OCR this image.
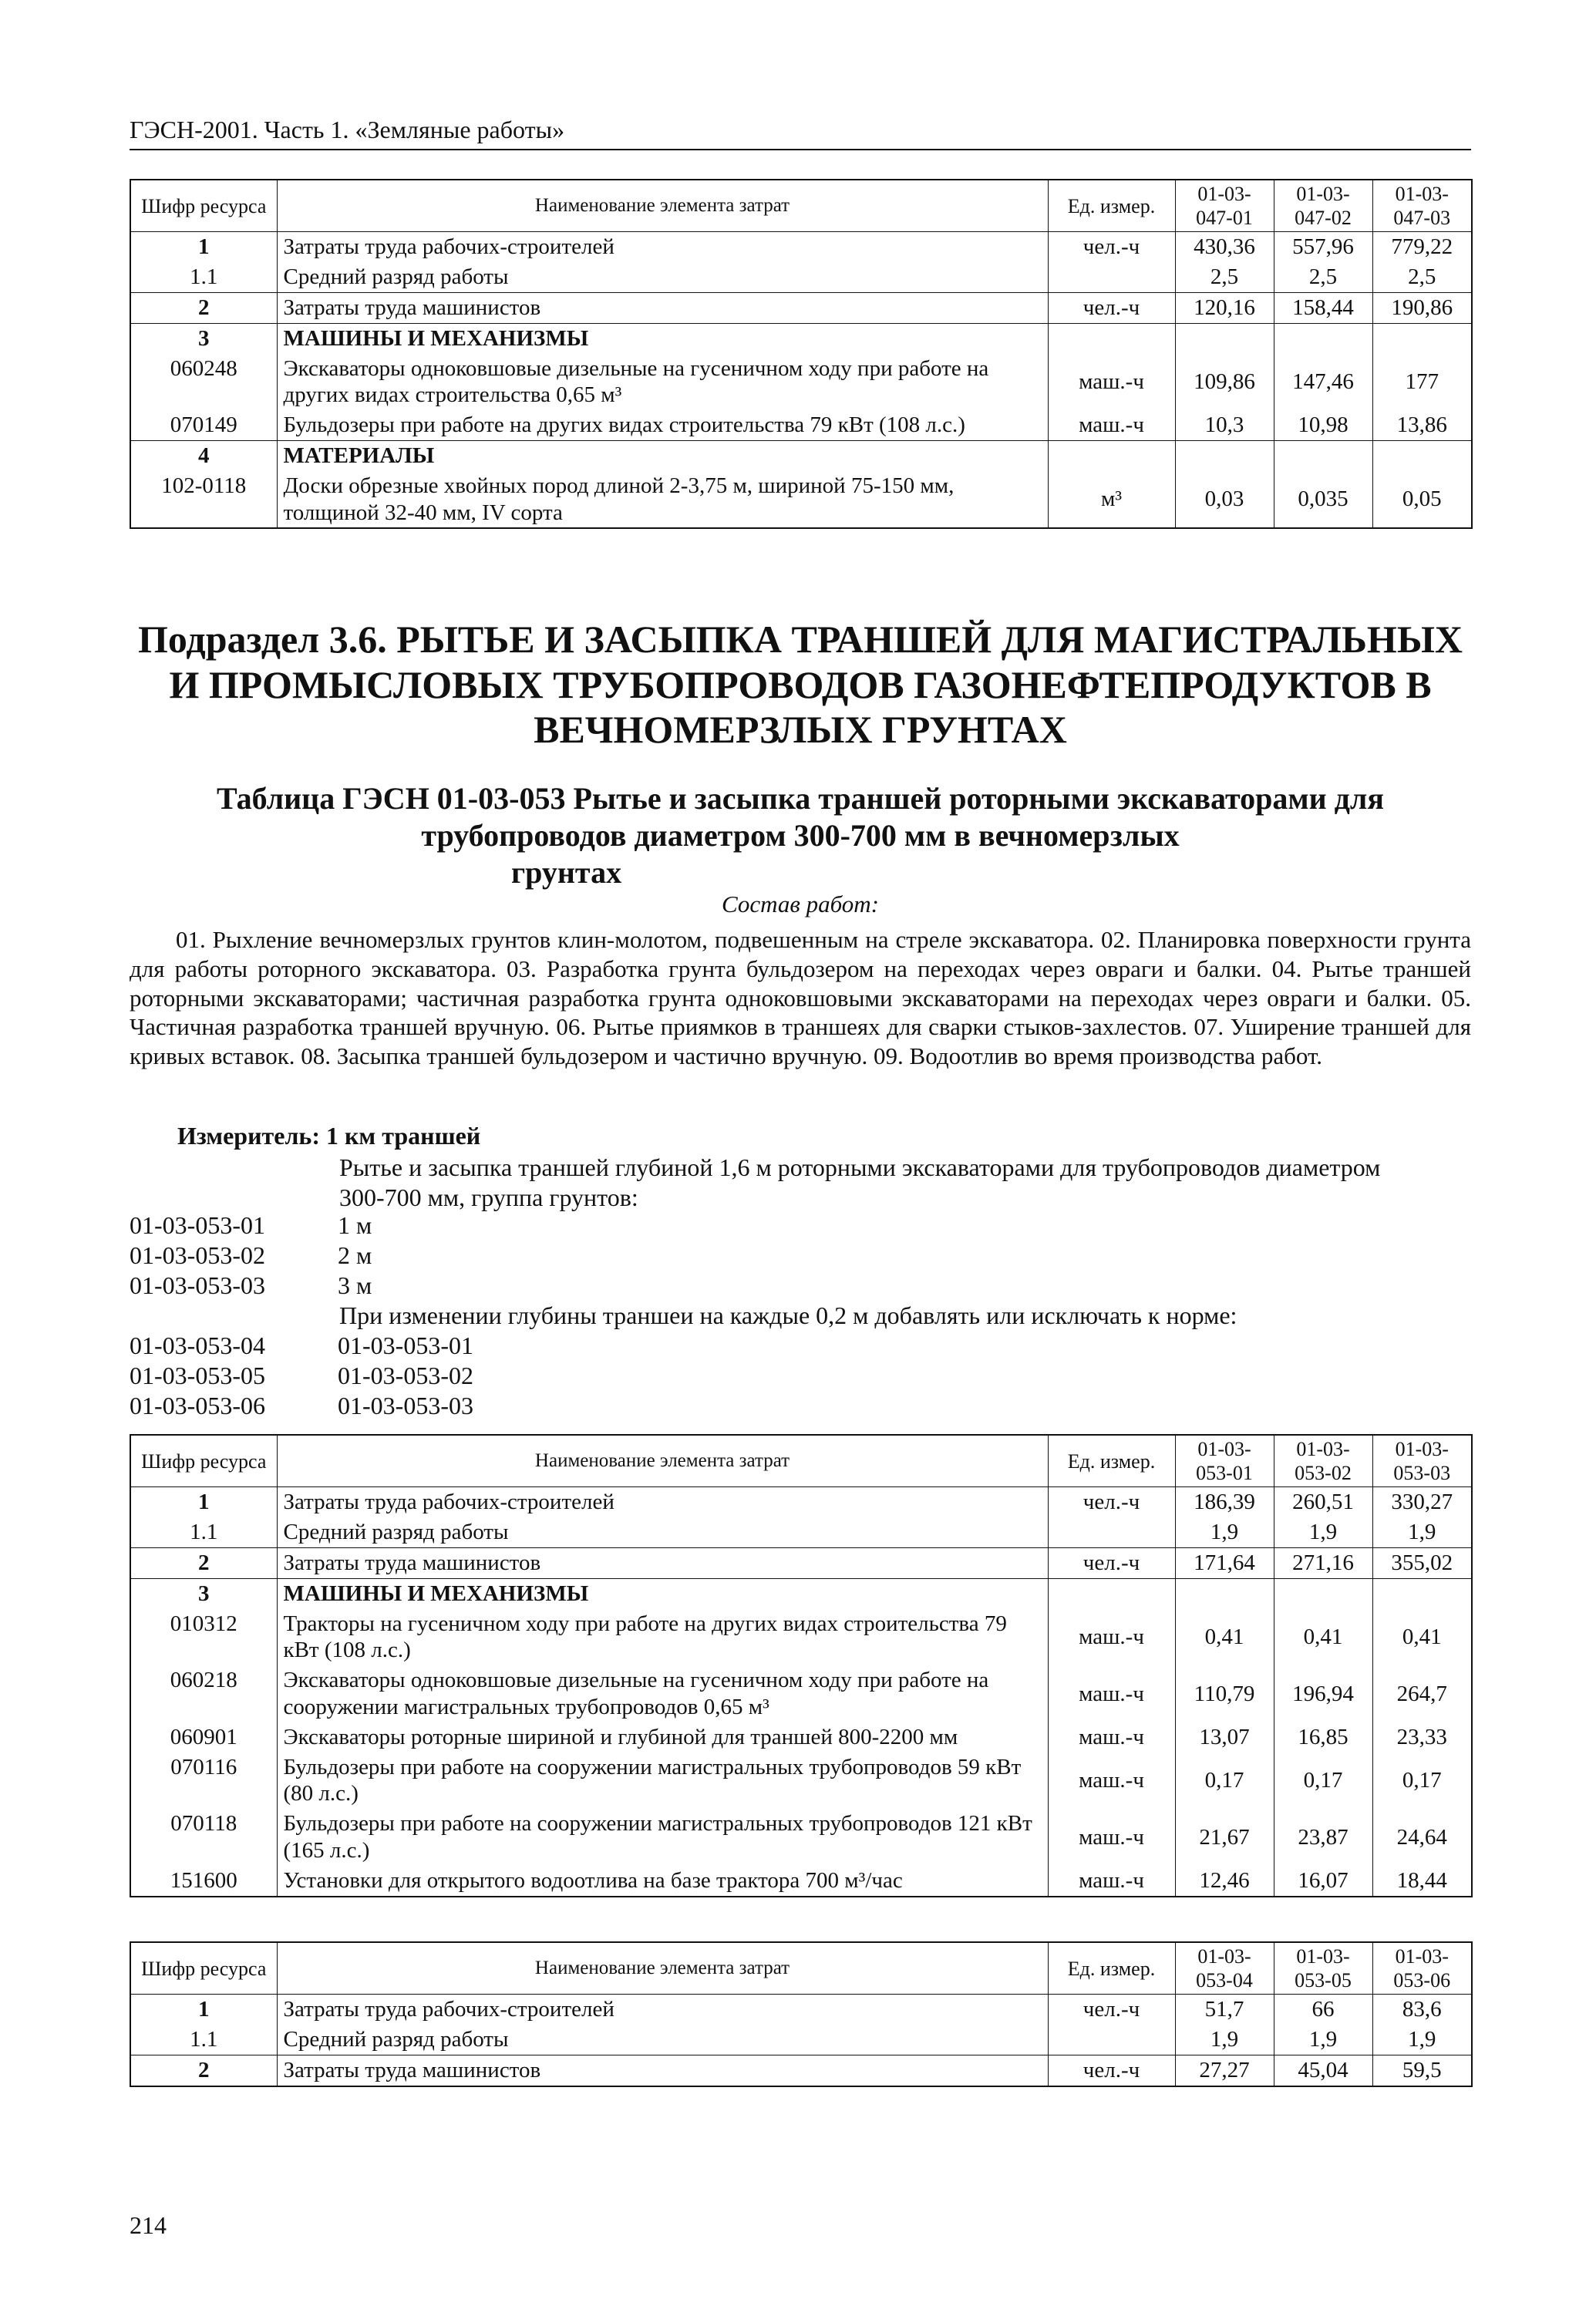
ГЭСН-2001. Часть 1. «Земляные работы»
Шифр ресурса	Наименование элемента затрат	Ед. измер.	01-03-047-01	01-03-047-02	01-03-047-03
1	Затраты труда рабочих-строителей	чел.-ч	430,36	557,96	779,22
1.1	Средний разряд работы		2,5	2,5	2,5
2	Затраты труда машинистов	чел.-ч	120,16	158,44	190,86
3	МАШИНЫ И МЕХАНИЗМЫ				
060248	Экскаваторы одноковшовые дизельные на гусеничном ходу при работе на других видах строительства 0,65 м³	маш.-ч	109,86	147,46	177
070149	Бульдозеры при работе на других видах строительства 79 кВт (108 л.с.)	маш.-ч	10,3	10,98	13,86
4	МАТЕРИАЛЫ				
102-0118	Доски обрезные хвойных пород длиной 2-3,75 м, шириной 75-150 мм, толщиной 32-40 мм, IV сорта	м³	0,03	0,035	0,05
Подраздел 3.6. РЫТЬЕ И ЗАСЫПКА ТРАНШЕЙ ДЛЯ МАГИСТРАЛЬНЫХ И ПРОМЫСЛОВЫХ ТРУБОПРОВОДОВ ГАЗОНЕФТЕПРОДУКТОВ В ВЕЧНОМЕРЗЛЫХ ГРУНТАХ
Таблица ГЭСН 01-03-053 Рытье и засыпка траншей роторными экскаваторами для
трубопроводов диаметром 300-700 мм в вечномерзлых
грунтах
Состав работ:
01. Рыхление вечномерзлых грунтов клин-молотом, подвешенным на стреле экскаватора. 02. Планировка поверхности грунта для работы роторного экскаватора. 03. Разработка грунта бульдозером на переходах через овраги и балки. 04. Рытье траншей роторными экскаваторами; частичная разработка грунта одноковшовыми экскаваторами на переходах через овраги и балки. 05. Частичная разработка траншей вручную. 06. Рытье приямков в траншеях для сварки стыков-захлестов. 07. Уширение траншей для кривых вставок. 08. Засыпка траншей бульдозером и частично вручную. 09. Водоотлив во время производства работ.
Измеритель: 1 км траншей
Рытье и засыпка траншей глубиной 1,6 м роторными экскаваторами для трубопроводов диаметром 300-700 мм, группа грунтов:
01-03-053-01	1 м
01-03-053-02	2 м
01-03-053-03	3 м
При изменении глубины траншеи на каждые 0,2 м добавлять или исключать к норме:
01-03-053-04	01-03-053-01
01-03-053-05	01-03-053-02
01-03-053-06	01-03-053-03
Шифр ресурса	Наименование элемента затрат	Ед. измер.	01-03-053-01	01-03-053-02	01-03-053-03
1	Затраты труда рабочих-строителей	чел.-ч	186,39	260,51	330,27
1.1	Средний разряд работы		1,9	1,9	1,9
2	Затраты труда машинистов	чел.-ч	171,64	271,16	355,02
3	МАШИНЫ И МЕХАНИЗМЫ				
010312	Тракторы на гусеничном ходу при работе на других видах строительства 79 кВт (108 л.с.)	маш.-ч	0,41	0,41	0,41
060218	Экскаваторы одноковшовые дизельные на гусеничном ходу при работе на сооружении магистральных трубопроводов 0,65 м³	маш.-ч	110,79	196,94	264,7
060901	Экскаваторы роторные шириной и глубиной для траншей 800-2200 мм	маш.-ч	13,07	16,85	23,33
070116	Бульдозеры при работе на сооружении магистральных трубопроводов 59 кВт (80 л.с.)	маш.-ч	0,17	0,17	0,17
070118	Бульдозеры при работе на сооружении магистральных трубопроводов 121 кВт (165 л.с.)	маш.-ч	21,67	23,87	24,64
151600	Установки для открытого водоотлива на базе трактора 700 м³/час	маш.-ч	12,46	16,07	18,44
Шифр ресурса	Наименование элемента затрат	Ед. измер.	01-03-053-04	01-03-053-05	01-03-053-06
1	Затраты труда рабочих-строителей	чел.-ч	51,7	66	83,6
1.1	Средний разряд работы		1,9	1,9	1,9
2	Затраты труда машинистов	чел.-ч	27,27	45,04	59,5
214
